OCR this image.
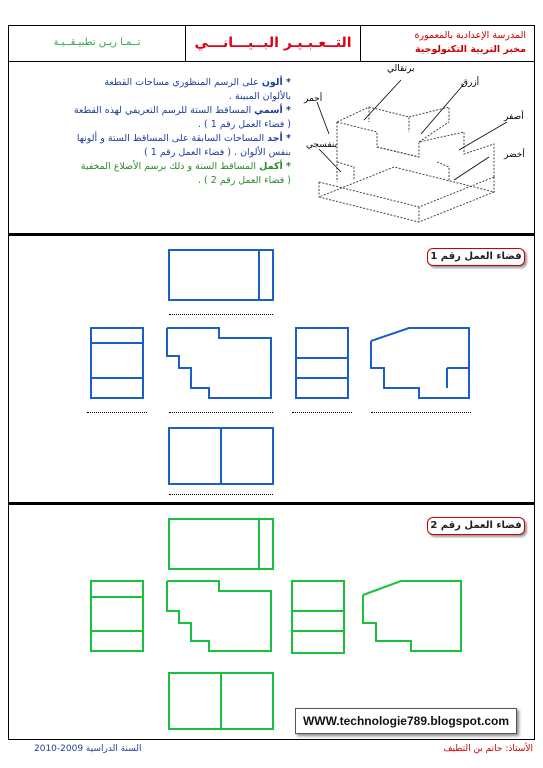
المدرسة الإعدادية بالمعمورة
مخبر التربية التكنولوجية
التــعـبـيـر البــيـــانـــي
تــمـا ريـن تطبيـقــيـة
برتقالي
أزرق
أحمر
أصفر
بنفسجي
أخضر
* ألون على الرسم المنظوري مساحات القطعة
بالألوان المبينة .
* أسمي المساقط الستة للرسم التعريفي لهذه القطعة
( فضاء العمل رقم 1 ) .
* أجد المساحات السابقة على المساقط الستة و ألونها
بنفس الألوان . ( فضاء العمل رقم 1 )
* أكمل المساقط الستة و ذلك برسم الأضلاع المخفية
( فضاء العمل رقم 2 ) .
فضاء العمل رقم 1
فضاء العمل رقم 2
WWW.technologie789.blogspot.com
الأستاذ: حاتم بن التطيف
السنة الدراسية 2009-2010
